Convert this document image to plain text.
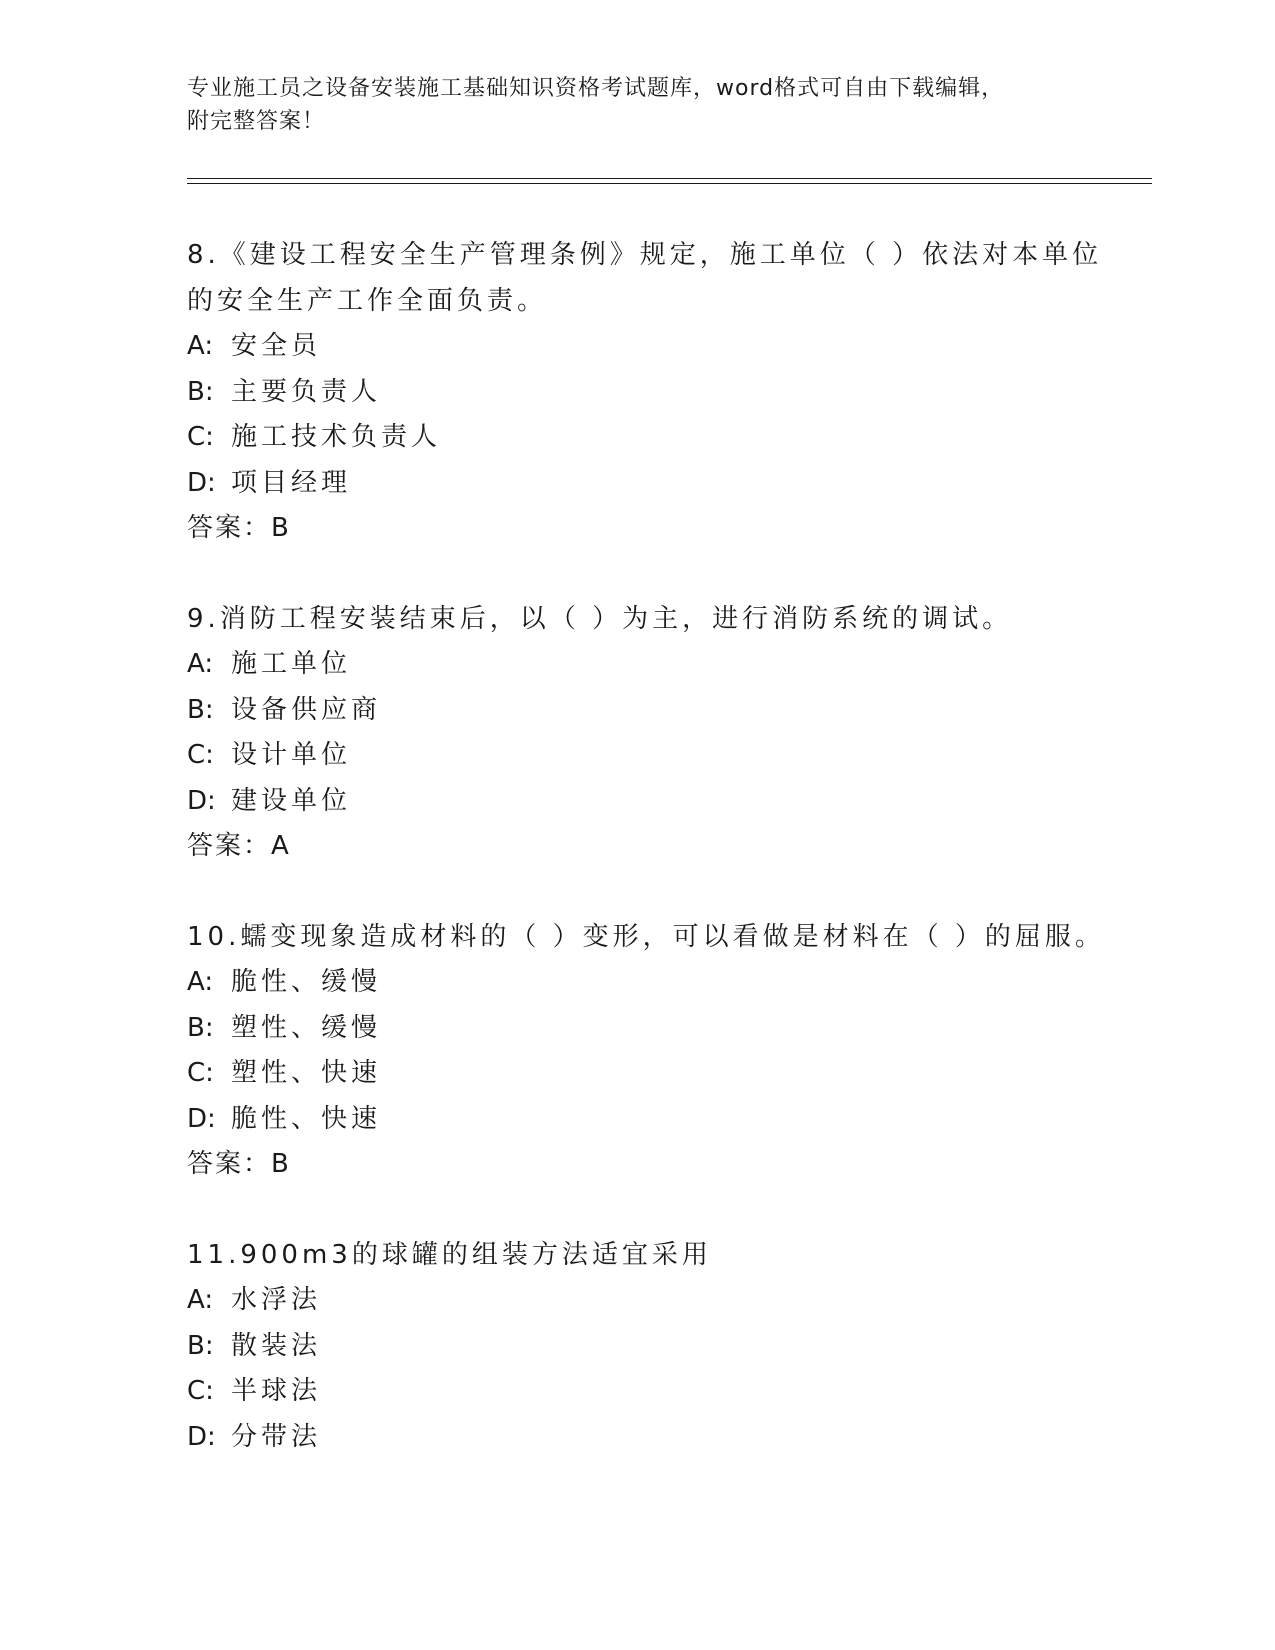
专业施工员之设备安装施工基础知识资格考试题库，word格式可自由下载编辑，
附完整答案！

8.《建设工程安全生产管理条例》规定，施工单位（ ）依法对本单位

的安全生产工作全面负责。

A: 安全员

B: 主要负责人

C: 施工技术负责人

D: 项目经理

答案：B

9.消防工程安装结束后，以（ ）为主，进行消防系统的调试。

A: 施工单位

B: 设备供应商

C: 设计单位

D: 建设单位

答案：A

10.蠕变现象造成材料的（ ）变形，可以看做是材料在（ ）的屈服。

A: 脆性、缓慢

B: 塑性、缓慢

C: 塑性、快速

D: 脆性、快速

答案：B

11.900m3的球罐的组装方法适宜采用

A: 水浮法

B: 散装法

C: 半球法

D: 分带法
